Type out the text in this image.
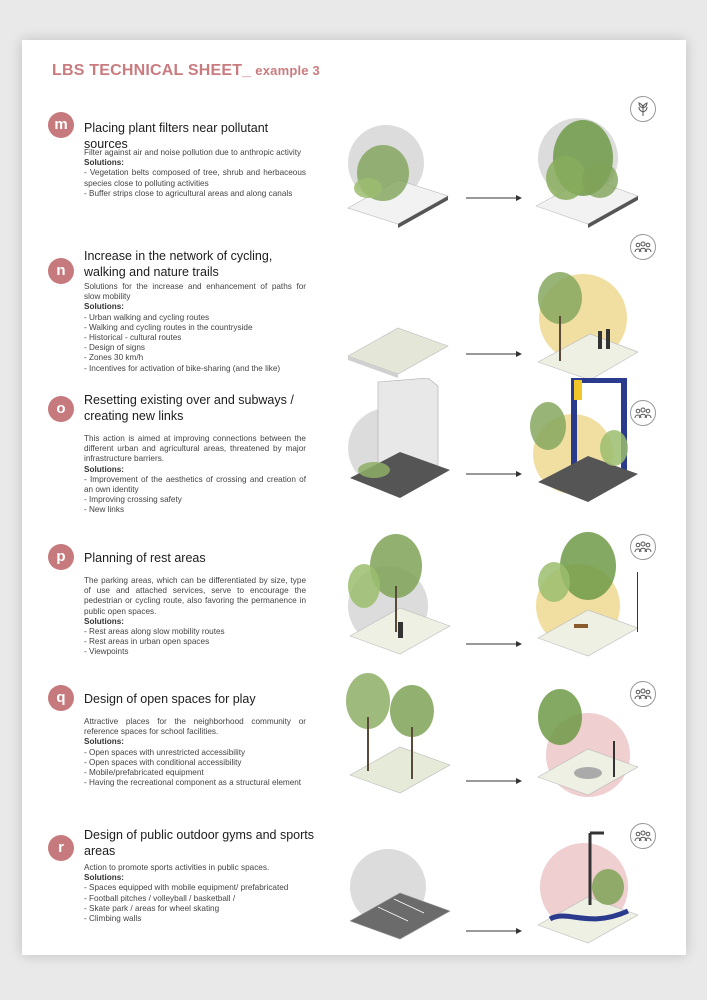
LBS TECHNICAL SHEET_ example 3
m	Placing plant filters near pollutant sources
Filter against air and noise pollution due to anthropic activity
Solutions:
- Vegetation belts composed of tree, shrub and herbaceous species close to polluting activities
- Buffer strips close to agricultural areas and along canals
n
Increase in the network of cycling, walking and nature trails
Solutions for the increase and enhancement of paths for slow mobility
Solutions:
- Urban walking and cycling routes
- Walking and cycling routes in the countryside
- Historical - cultural routes
- Design of signs
- Zones 30 km/h
- Incentives for activation of bike-sharing (and the like)
o	Resetting existing over and subways / creating new links
This action is aimed at improving connections between the different urban and agricultural areas, threatened by major infrastructure barriers.
Solutions:
- Improvement of the aesthetics of crossing and creation of an own identity
- Improving crossing safety
- New links
p	Planning of rest areas
The parking areas, which can be differentiated by size, type of use and attached services, serve to encourage the pedestrian or cycling route, also favoring the permanence in public open spaces.
Solutions:
- Rest areas along slow mobility routes
- Rest areas in urban open spaces
- Viewpoints
q	Design of open spaces for play
Attractive places for the neighborhood community or reference spaces for school facilities.
Solutions:
- Open spaces with unrestricted accessibility
- Open spaces with conditional accessibility
- Mobile/prefabricated equipment
- Having the recreational component as a structural element
r
Design of public outdoor gyms and sports areas
Action to promote sports activities in public spaces.
Solutions:
- Spaces equipped with mobile equipment/ prefabricated
- Football pitches / volleyball / basketball /
- Skate park / areas for wheel skating
- Climbing walls
